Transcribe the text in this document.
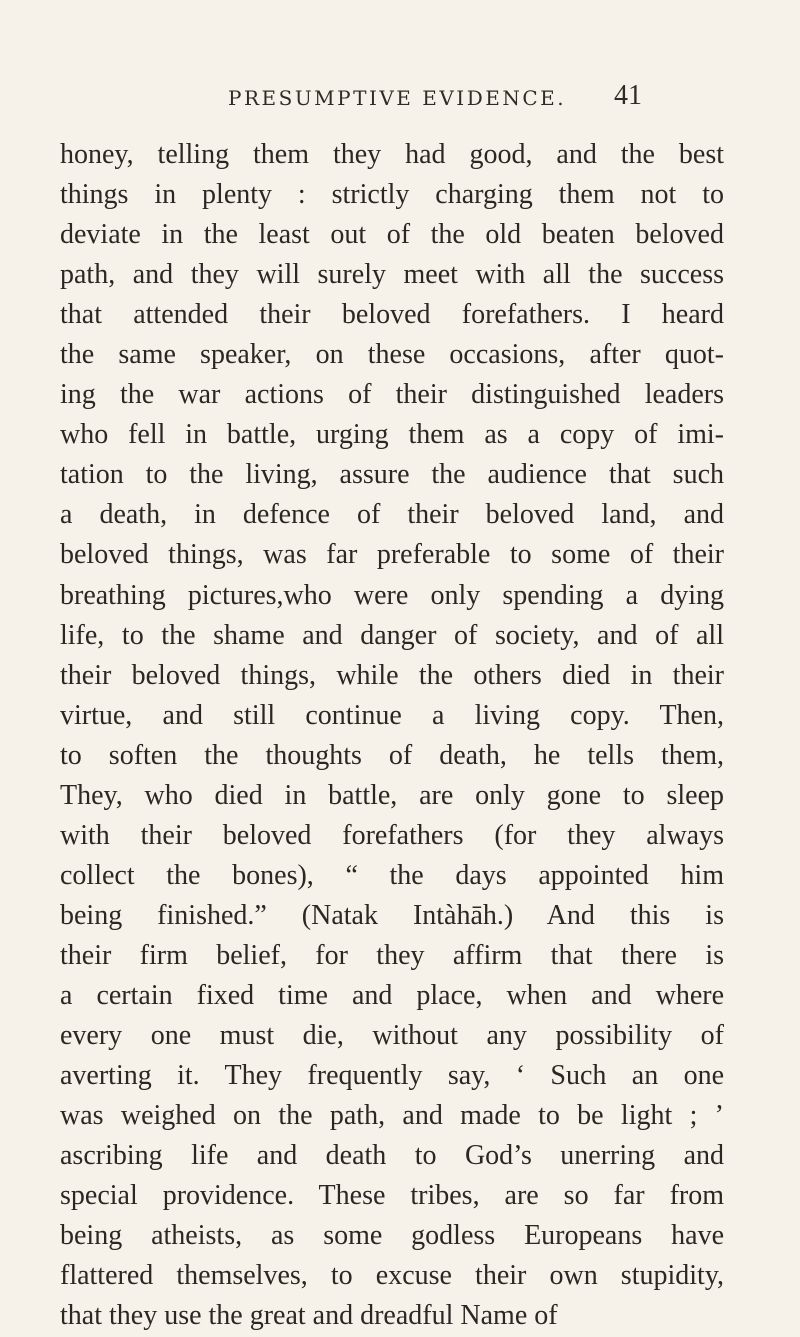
PRESUMPTIVE EVIDENCE. 41
honey, telling them they had good, and the best
things in plenty : strictly charging them not to
deviate in the least out of the old beaten beloved
path, and they will surely meet with all the success
that attended their beloved forefathers. I heard
the same speaker, on these occasions, after quot-
ing the war actions of their distinguished leaders
who fell in battle, urging them as a copy of imi-
tation to the living, assure the audience that such
a death, in defence of their beloved land, and
beloved things, was far preferable to some of their
breathing pictures,who were only spending a dying
life, to the shame and danger of society, and of all
their beloved things, while the others died in their
virtue, and still continue a living copy. Then,
to soften the thoughts of death, he tells them,
They, who died in battle, are only gone to sleep
with their beloved forefathers (for they always
collect the bones), “ the days appointed him
being finished.” (Natak Intàhāh.) And this is
their firm belief, for they affirm that there is
a certain fixed time and place, when and where
every one must die, without any possibility of
averting it. They frequently say, ‘ Such an one
was weighed on the path, and made to be light ; ’
ascribing life and death to God’s unerring and
special providence. These tribes, are so far from
being atheists, as some godless Europeans have
flattered themselves, to excuse their own stupidity,
that they use the great and dreadful Name of
